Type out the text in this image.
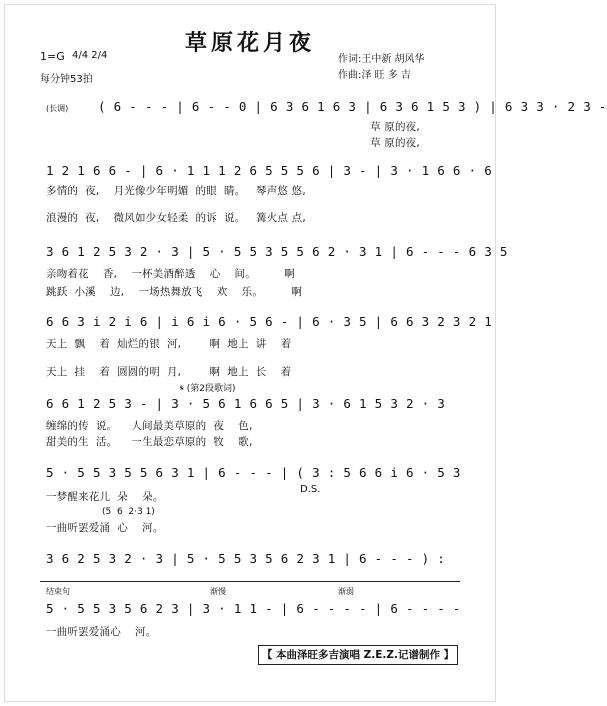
草原花月夜
1=G 4/4 2/4
每分钟53拍
作词:王中新 胡风华
作曲:泽 旺 多 吉
(长调) ( 6 - - - | 6 - - 0 | 6 3 6 1 6 3 | 6 3 6 1 5 3 ) | 6 3 3 · 2 3 -
草 原的夜,
草 原的夜,
1 2 1 6 6 - | 6 · 1 1 1 2 6 5 5 5 6 | 3 - | 3 · 1 6 6 · 6
多情的  夜,    月光像少年明媚  的眼  睛。   琴声悠 悠,
浪漫的  夜,    微风如少女轻柔  的诉  说。   篝火点 点,
3 6 1 2 5 3 2 · 3 | 5 · 5 5 3 5 5 6 2 · 3 1 | 6 - - - 6 3 5
亲吻着花    香,    一杯美酒醉透    心    间。        啊
跳跃  小溪    边,    一场热舞放飞    欢    乐。        啊
6 6 3 i 2 i 6 | i 6 i 6 · 5 6 - | 6 · 3 5 | 6 6 3 2 3 2 1
天上  飘    着  灿烂的银  河,        啊  地上  讲    着
天上  挂    着  圆圆的明  月,        啊  地上  长    着
𝄋 (第2段歌词)
6 6 1 2 5 3 - | 3 · 5 6 1 6 6 5 | 3 · 6 1 5 3 2 · 3
缠绵的传  说。    人间最美草原的  夜    色,
甜美的生  活。    一生最恋草原的  牧    歌,
5 · 5 5 3 5 5 6 3 1 | 6 - - - | ( 3 : 5 6 6 i 6 · 5 3
D.S.
一梦醒来花儿  朵    朵。
(5  6  2·3 1)
一曲听罢爱涌  心    河。
3 6 2 5 3 2 · 3 | 5 · 5 5 3 5 6 2 3 1 | 6 - - - ) :
结束句	渐慢	渐弱
5 · 5 5 3 5 6 2 3 | 3 · 1 1 - | 6 - - - - | 6 - - - -
一曲听罢爱涌心    河。
【 本曲泽旺多吉演唱 Z.E.Z.记谱制作 】
